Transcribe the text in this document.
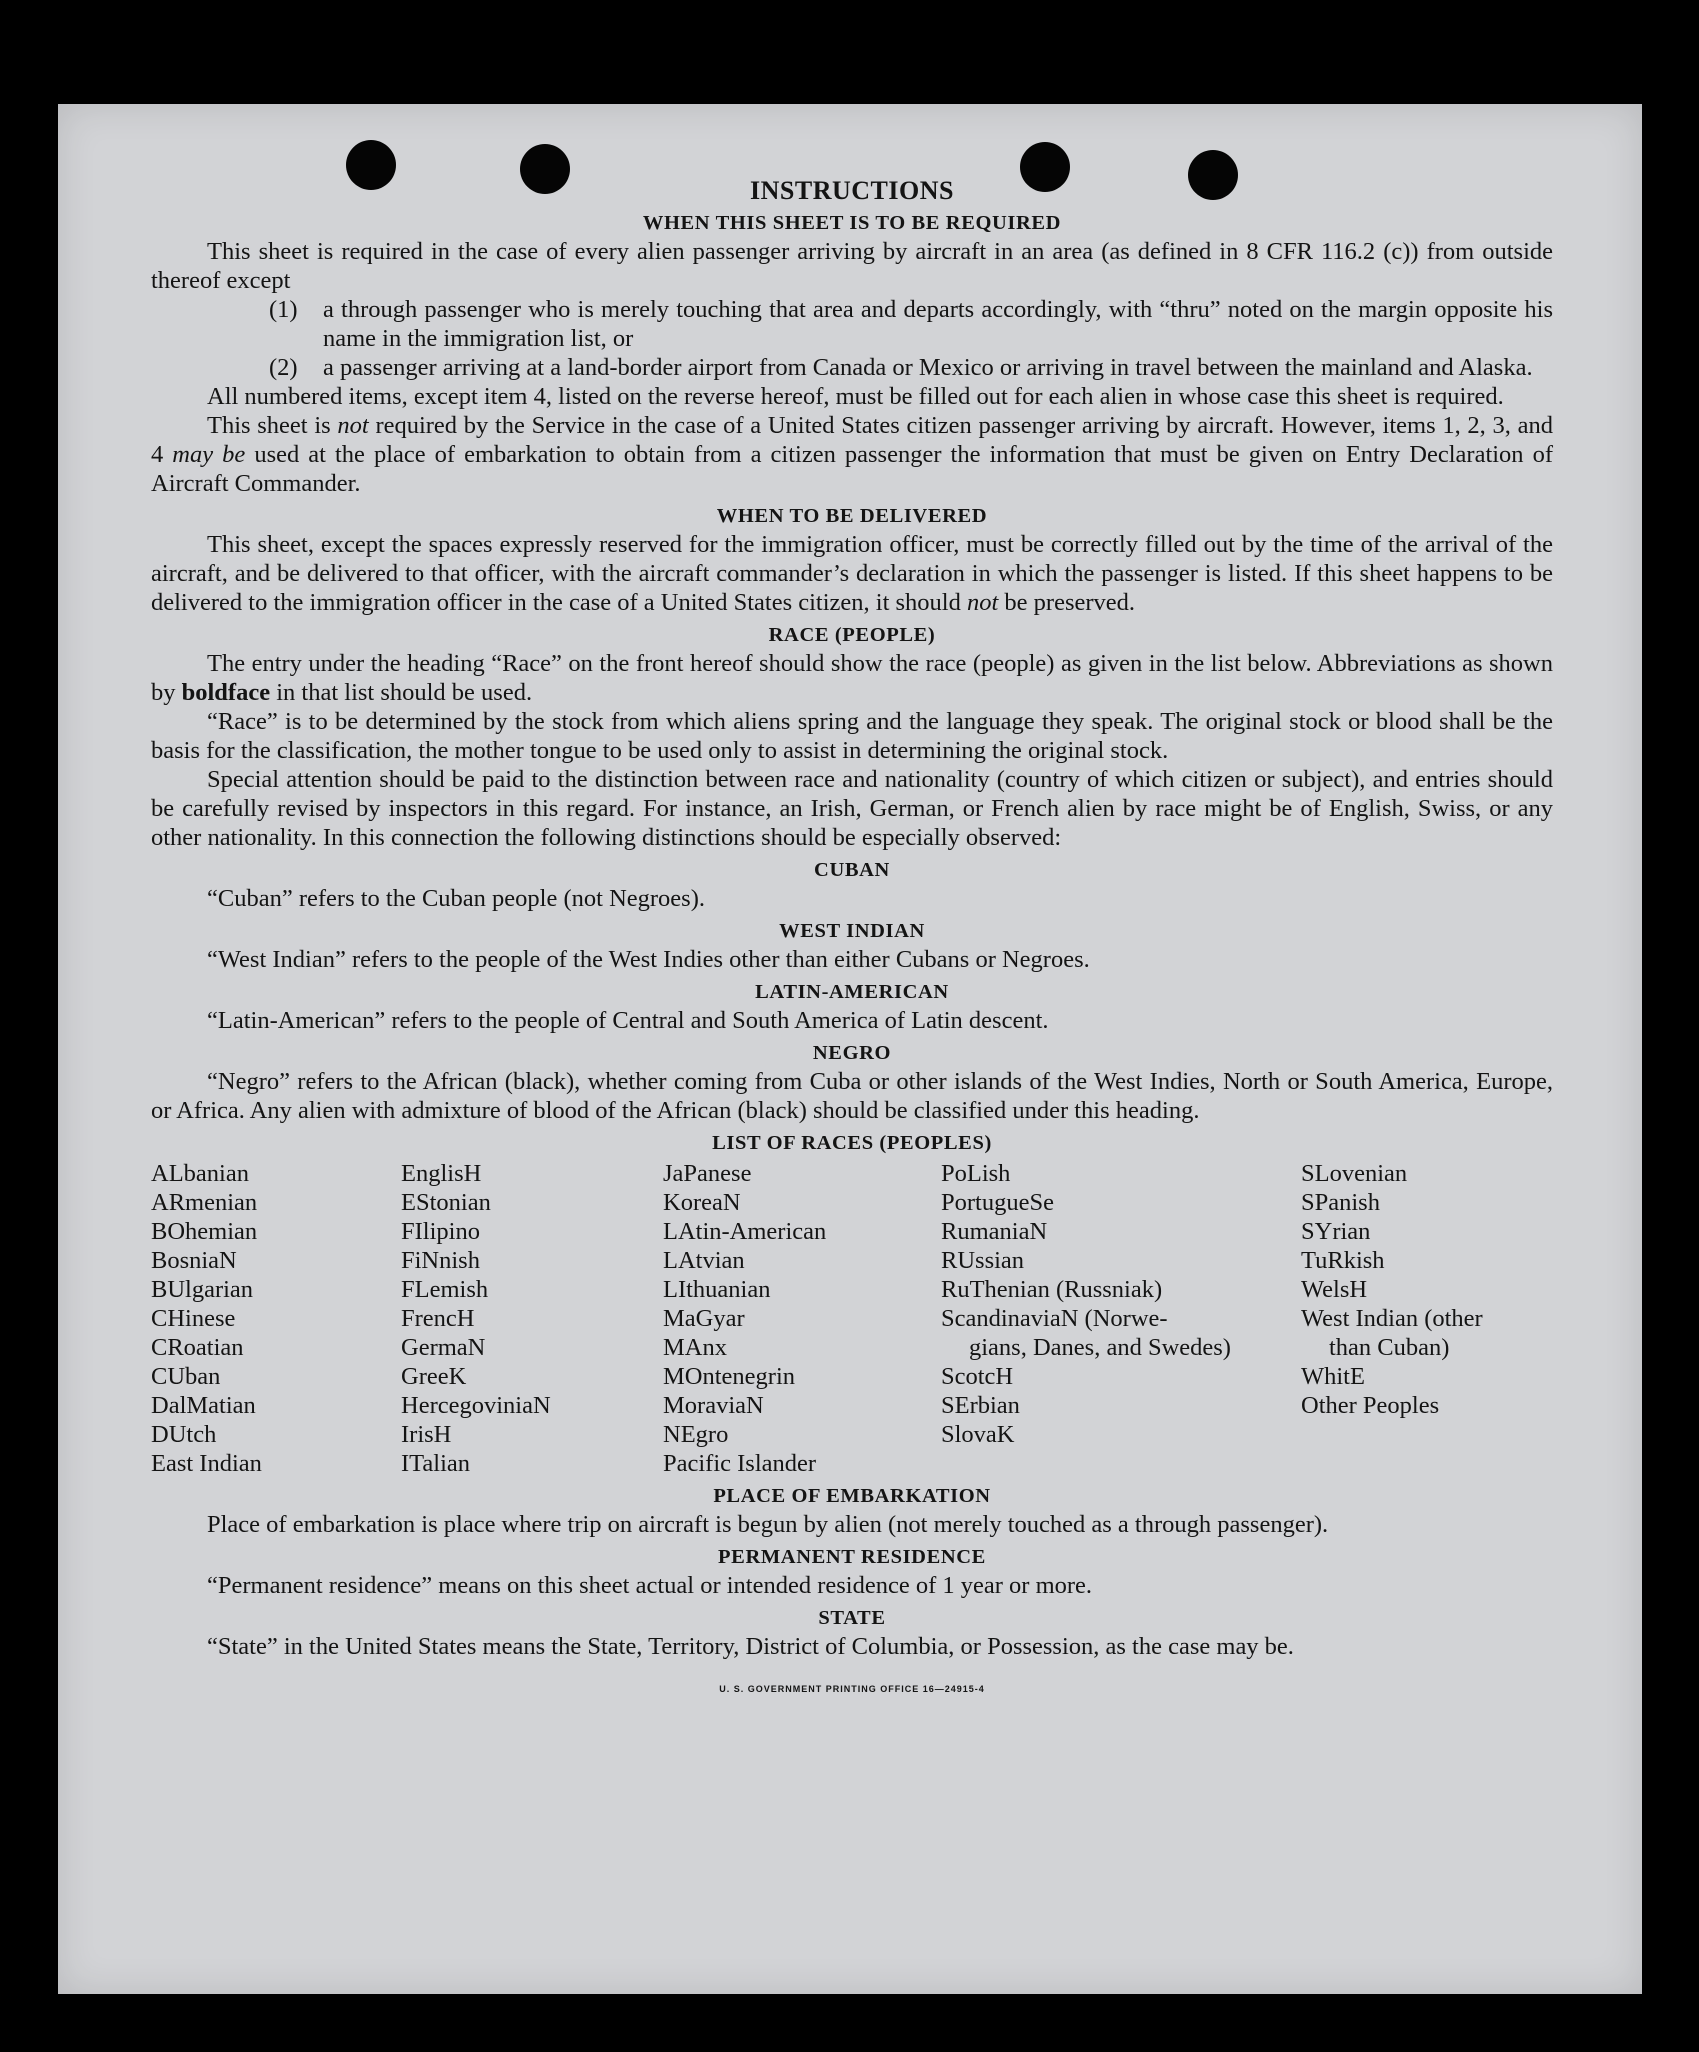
INSTRUCTIONS
WHEN THIS SHEET IS TO BE REQUIRED

This sheet is required in the case of every alien passenger arriving by aircraft in an area (as defined in 8 CFR 116.2 (c)) from outside thereof except

(1)	a through passenger who is merely touching that area and departs accordingly, with “thru” noted on the margin opposite his name in the immigration list, or
(2)	a passenger arriving at a land-border airport from Canada or Mexico or arriving in travel between the mainland and Alaska.

All numbered items, except item 4, listed on the reverse hereof, must be filled out for each alien in whose case this sheet is required.

This sheet is not required by the Service in the case of a United States citizen passenger arriving by aircraft. However, items 1, 2, 3, and 4 may be used at the place of embarkation to obtain from a citizen passenger the information that must be given on Entry Declaration of Aircraft Commander.

WHEN TO BE DELIVERED

This sheet, except the spaces expressly reserved for the immigration officer, must be correctly filled out by the time of the arrival of the aircraft, and be delivered to that officer, with the aircraft commander’s declaration in which the passenger is listed. If this sheet happens to be delivered to the immigration officer in the case of a United States citizen, it should not be preserved.

RACE (PEOPLE)

The entry under the heading “Race” on the front hereof should show the race (people) as given in the list below. Abbreviations as shown by boldface in that list should be used.

“Race” is to be determined by the stock from which aliens spring and the language they speak. The original stock or blood shall be the basis for the classification, the mother tongue to be used only to assist in determining the original stock.

Special attention should be paid to the distinction between race and nationality (country of which citizen or subject), and entries should be carefully revised by inspectors in this regard. For instance, an Irish, German, or French alien by race might be of English, Swiss, or any other nationality. In this connection the following distinctions should be especially observed:

CUBAN

“Cuban” refers to the Cuban people (not Negroes).

WEST INDIAN

“West Indian” refers to the people of the West Indies other than either Cubans or Negroes.

LATIN-AMERICAN

“Latin-American” refers to the people of Central and South America of Latin descent.

NEGRO

“Negro” refers to the African (black), whether coming from Cuba or other islands of the West Indies, North or South America, Europe, or Africa. Any alien with admixture of blood of the African (black) should be classified under this heading.

LIST OF RACES (PEOPLES)
ALbanian
ARmenian
BOhemian
BosniaN
BUlgarian
CHinese
CRoatian
CUban
DalMatian
DUtch
East Indian
EnglisH
EStonian
FIlipino
FiNnish
FLemish
FrencH
GermaN
GreeK
HercegoviniaN
IrisH
ITalian
JaPanese
KoreaN
LAtin-American
LAtvian
LIthuanian
MaGyar
MAnx
MOntenegrin
MoraviaN
NEgro
Pacific Islander
PoLish
PortugueSe
RumaniaN
RUssian
RuThenian (Russniak)
ScandinaviaN (Norwe-
gians, Danes, and Swedes)
ScotcH
SErbian
SlovaK
SLovenian
SPanish
SYrian
TuRkish
WelsH
West Indian (other
than Cuban)
WhitE
Other Peoples
PLACE OF EMBARKATION

Place of embarkation is place where trip on aircraft is begun by alien (not merely touched as a through passenger).

PERMANENT RESIDENCE

“Permanent residence” means on this sheet actual or intended residence of 1 year or more.

STATE

“State” in the United States means the State, Territory, District of Columbia, or Possession, as the case may be.

U. S. GOVERNMENT PRINTING OFFICE 16—24915-4
